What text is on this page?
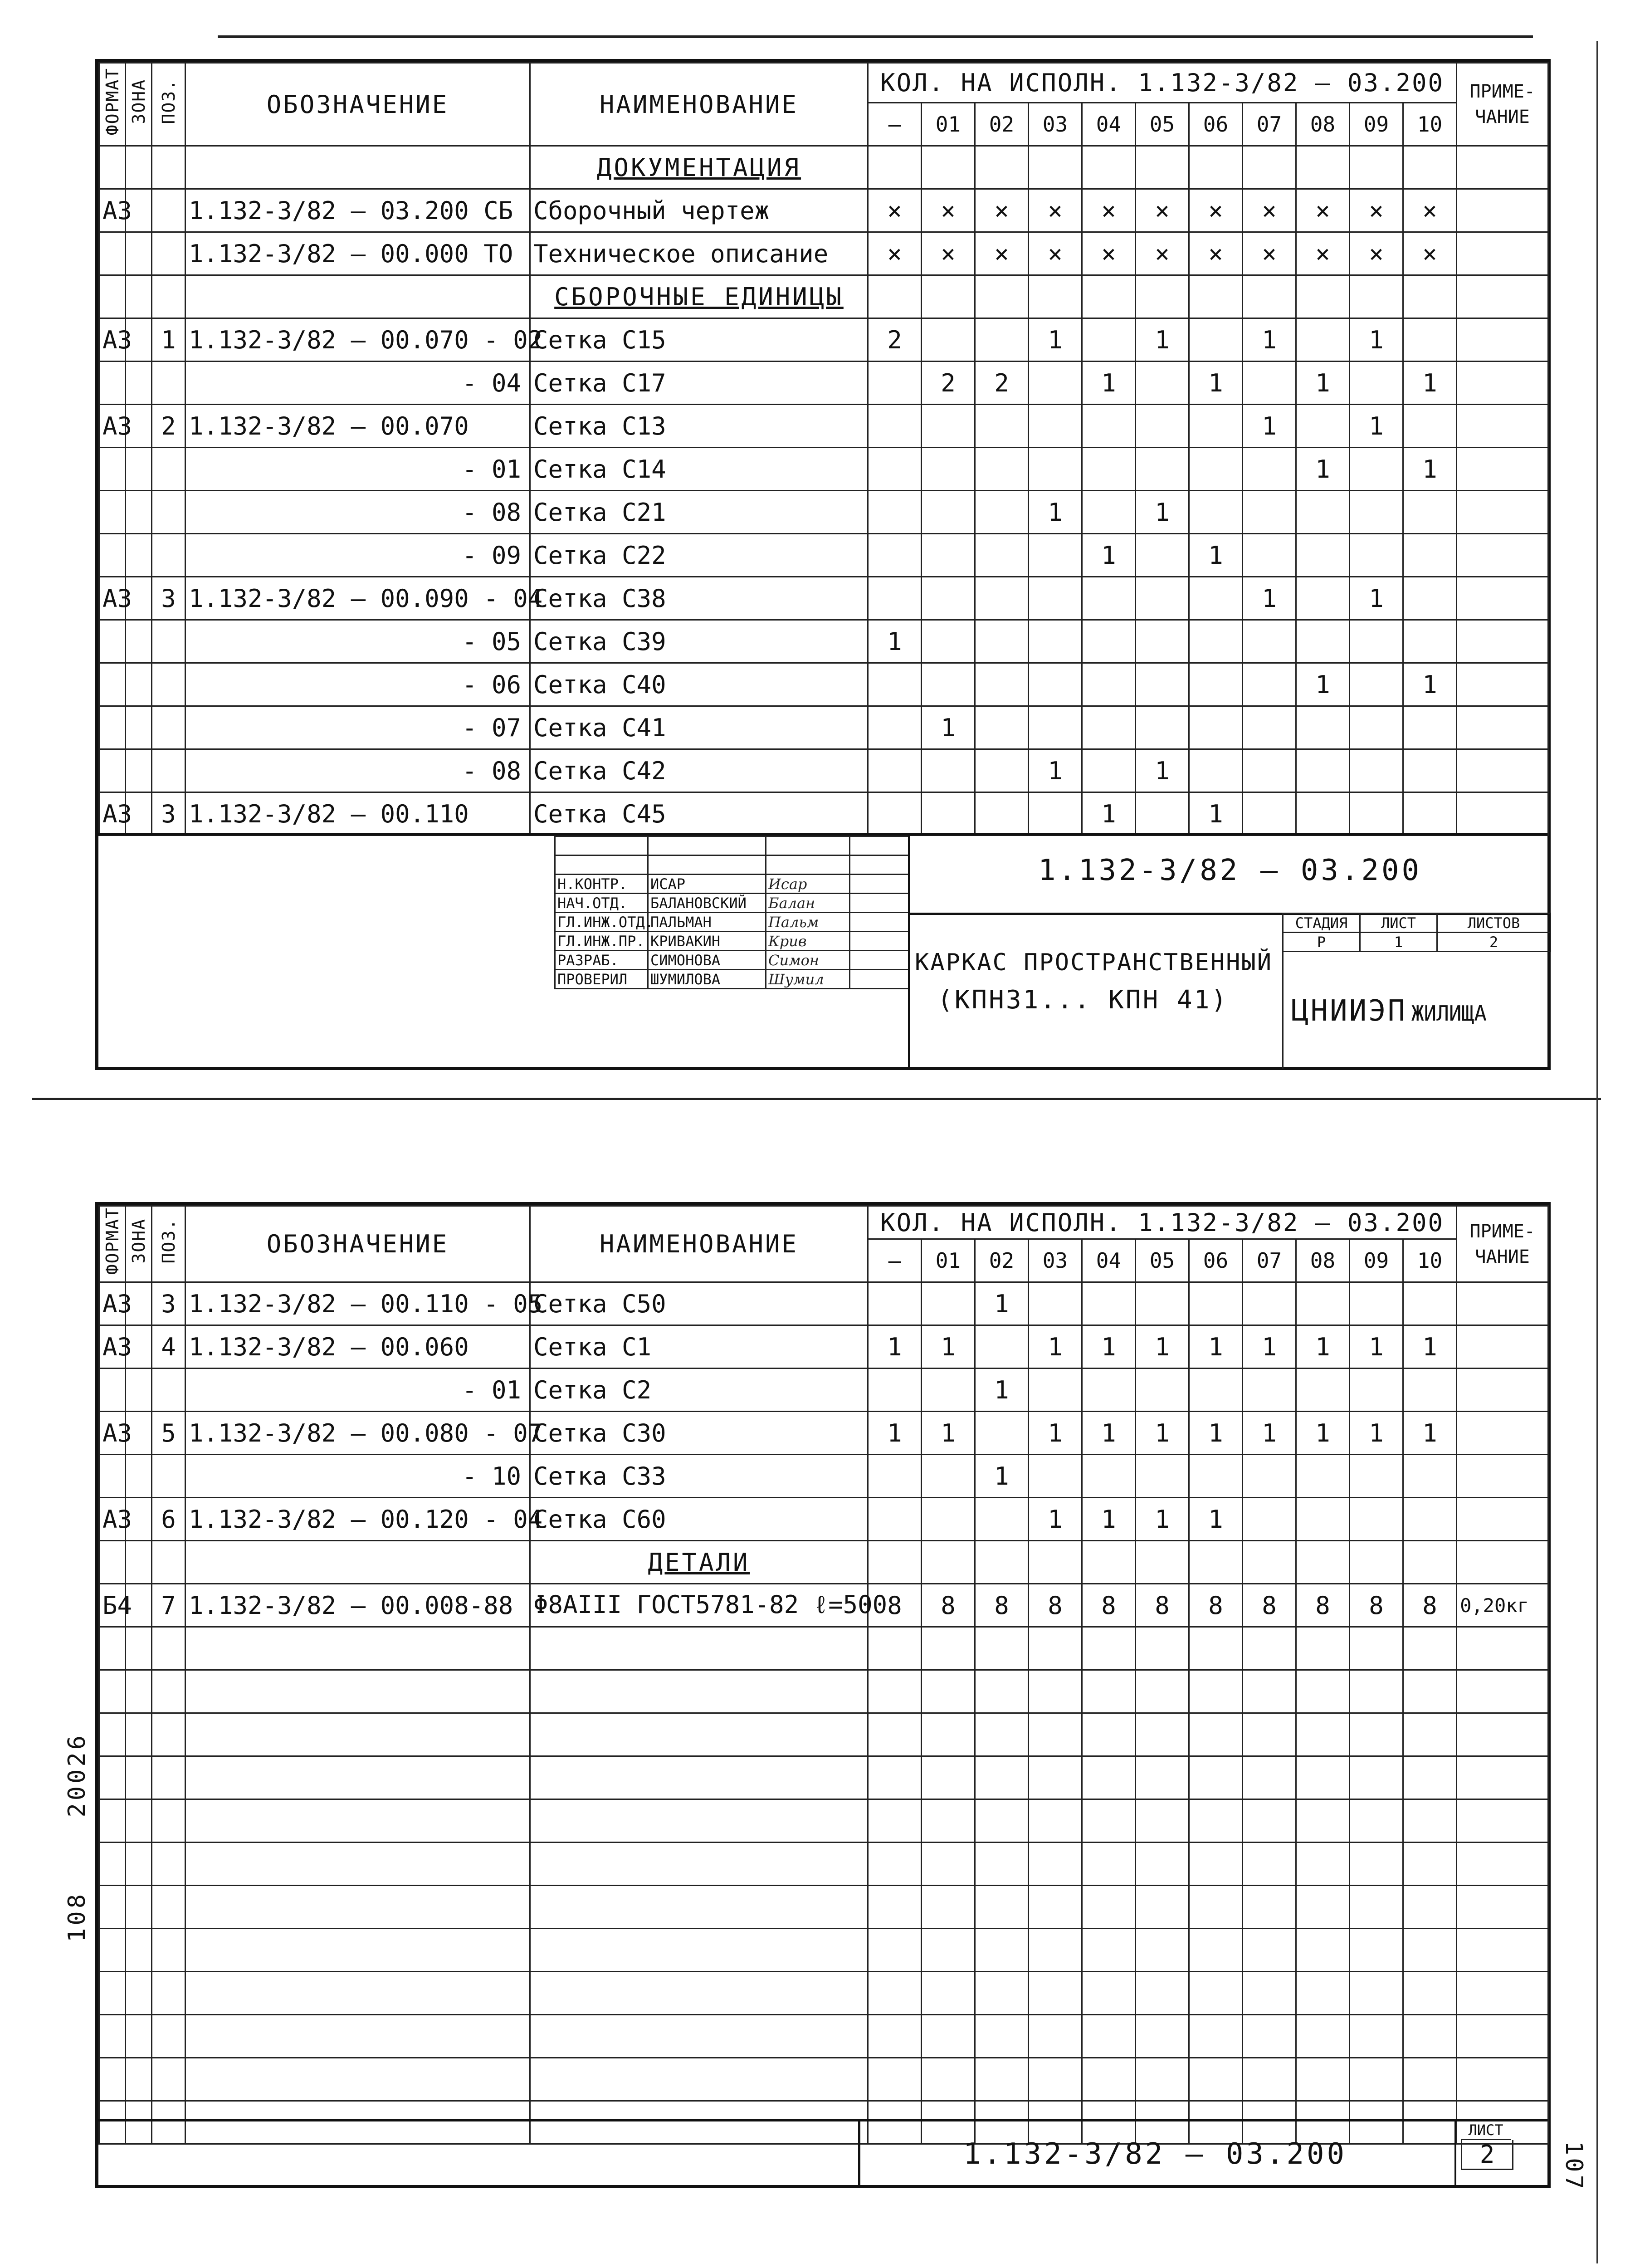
ФОРМАТ	ЗОНА	ПОЗ.	ОБОЗНАЧЕНИЕ	НАИМЕНОВАНИЕ	КОЛ. НА ИСПОЛН. 1.132-3/82 — 03.200											ПРИМЕ-
ЧАНИЕ
					–	01	02	03	04	05	06	07	08	09	10	
				ДОКУМЕНТАЦИЯ												
А3			1.132-3/82 — 03.200 СБ	Сборочный чертеж	×	×	×	×	×	×	×	×	×	×	×	
			1.132-3/82 — 00.000 ТО	Техническое описание	×	×	×	×	×	×	×	×	×	×	×	
				СБОРОЧНЫЕ ЕДИНИЦЫ												
А3		1	1.132-3/82 — 00.070 - 02	Сетка С15	2			1		1		1		1		
			- 04	Сетка С17		2	2		1		1		1		1	
А3		2	1.132-3/82 — 00.070	Сетка С13								1		1		
			- 01	Сетка С14									1		1	
			- 08	Сетка С21				1		1						
			- 09	Сетка С22					1		1					
А3		3	1.132-3/82 — 00.090 - 04	Сетка С38								1		1		
			- 05	Сетка С39	1											
			- 06	Сетка С40									1		1	
			- 07	Сетка С41		1										
			- 08	Сетка С42				1		1						
А3		3	1.132-3/82 — 00.110	Сетка С45					1		1					

Н.КОНТР.	ИСАР	Исар	
НАЧ.ОТД.	БАЛАНОВСКИЙ	Балан	
ГЛ.ИНЖ.ОТД.	ПАЛЬМАН	Пальм	
ГЛ.ИНЖ.ПР.	КРИВАКИН	Крив	
РАЗРАБ.	СИМОНОВА	Симон	
ПРОВЕРИЛ	ШУМИЛОВА	Шумил	
1.132-3/82 — 03.200
КАРКАС ПРОСТРАНСТВЕННЫЙ
(КПН31... КПН 41)
СТАДИЯ	ЛИСТ	ЛИСТОВ
Р	1	2
ЦНИИЭП ЖИЛИЩА
ФОРМАТ	ЗОНА	ПОЗ.	ОБОЗНАЧЕНИЕ	НАИМЕНОВАНИЕ	КОЛ. НА ИСПОЛН. 1.132-3/82 — 03.200											ПРИМЕ-
ЧАНИЕ
					–	01	02	03	04	05	06	07	08	09	10	
А3		3	1.132-3/82 — 00.110 - 05	Сетка С50			1									
А3		4	1.132-3/82 — 00.060	Сетка С1	1	1		1	1	1	1	1	1	1	1	
			- 01	Сетка С2			1									
А3		5	1.132-3/82 — 00.080 - 07	Сетка С30	1	1		1	1	1	1	1	1	1	1	
			- 10	Сетка С33			1									
А3		6	1.132-3/82 — 00.120 - 04	Сетка С60				1	1	1	1					
				ДЕТАЛИ												
Б4		7	1.132-3/82 — 00.008-88	Φ8АIII ГОСТ5781-82 ℓ=500	8	8	8	8	8	8	8	8	8	8	8	0,20кг

1.132-3/82 — 03.200
ЛИСТ
2
20026
108
107
